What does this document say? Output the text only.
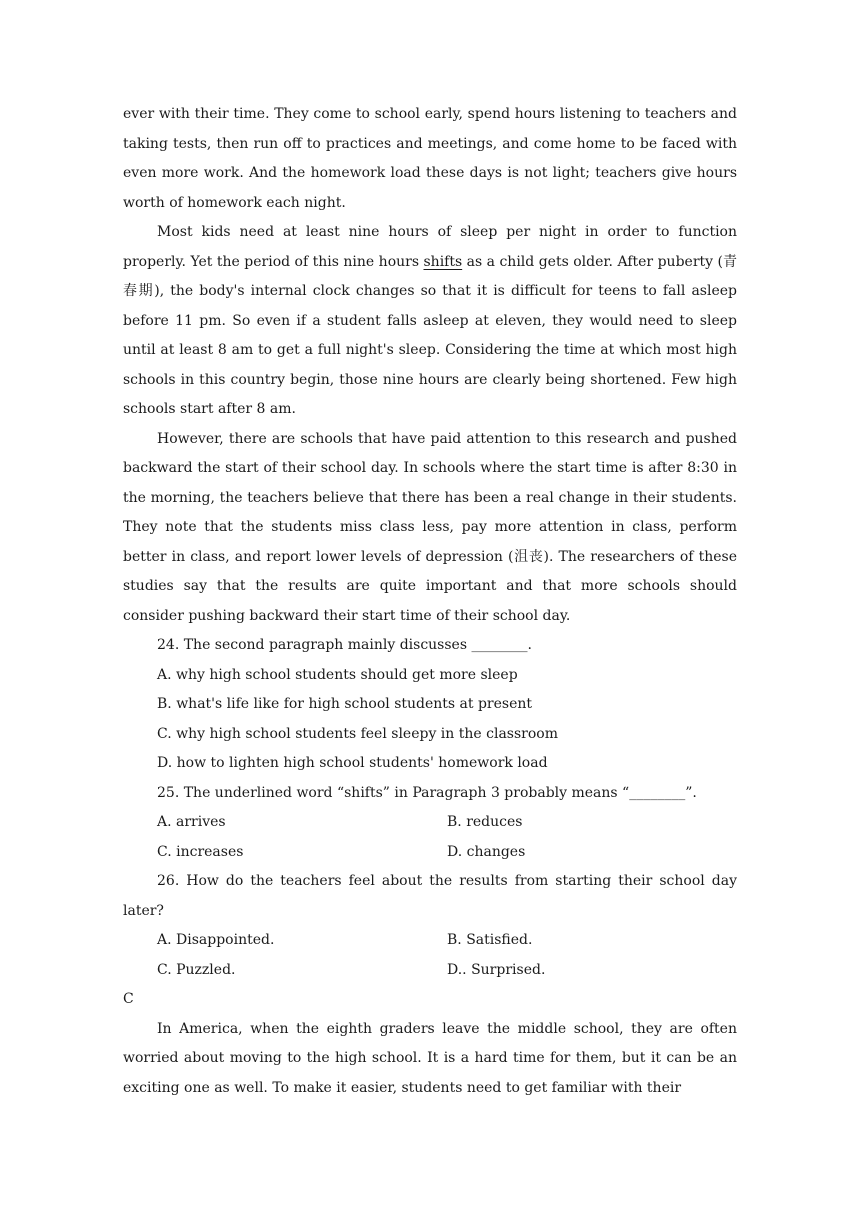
ever with their time. They come to school early, spend hours listening to teachers and taking tests, then run off to practices and meetings, and come home to be faced with even more work. And the homework load these days is not light; teachers give hours worth of homework each night.

Most kids need at least nine hours of sleep per night in order to function properly. Yet the period of this nine hours shifts as a child gets older. After puberty (青春期), the body's internal clock changes so that it is difficult for teens to fall asleep before 11 pm. So even if a student falls asleep at eleven, they would need to sleep until at least 8 am to get a full night's sleep. Considering the time at which most high schools in this country begin, those nine hours are clearly being shortened. Few high schools start after 8 am.

However, there are schools that have paid attention to this research and pushed backward the start of their school day. In schools where the start time is after 8:30 in the morning, the teachers believe that there has been a real change in their students. They note that the students miss class less, pay more attention in class, perform better in class, and report lower levels of depression (沮丧). The researchers of these studies say that the results are quite important and that more schools should consider pushing backward their start time of their school day.

24. The second paragraph mainly discusses ________.

A. why high school students should get more sleep

B. what's life like for high school students at present

C. why high school students feel sleepy in the classroom

D. how to lighten high school students' homework load

25. The underlined word “shifts” in Paragraph 3 probably means “________”.

A. arrives	B. reduces
C. increases	D. changes

26. How do the teachers feel about the results from starting their school day later?

A. Disappointed.	B. Satisfied.
C. Puzzled.	D.. Surprised.

C

In America, when the eighth graders leave the middle school, they are often worried about moving to the high school. It is a hard time for them, but it can be an exciting one as well. To make it easier, students need to get familiar with their
